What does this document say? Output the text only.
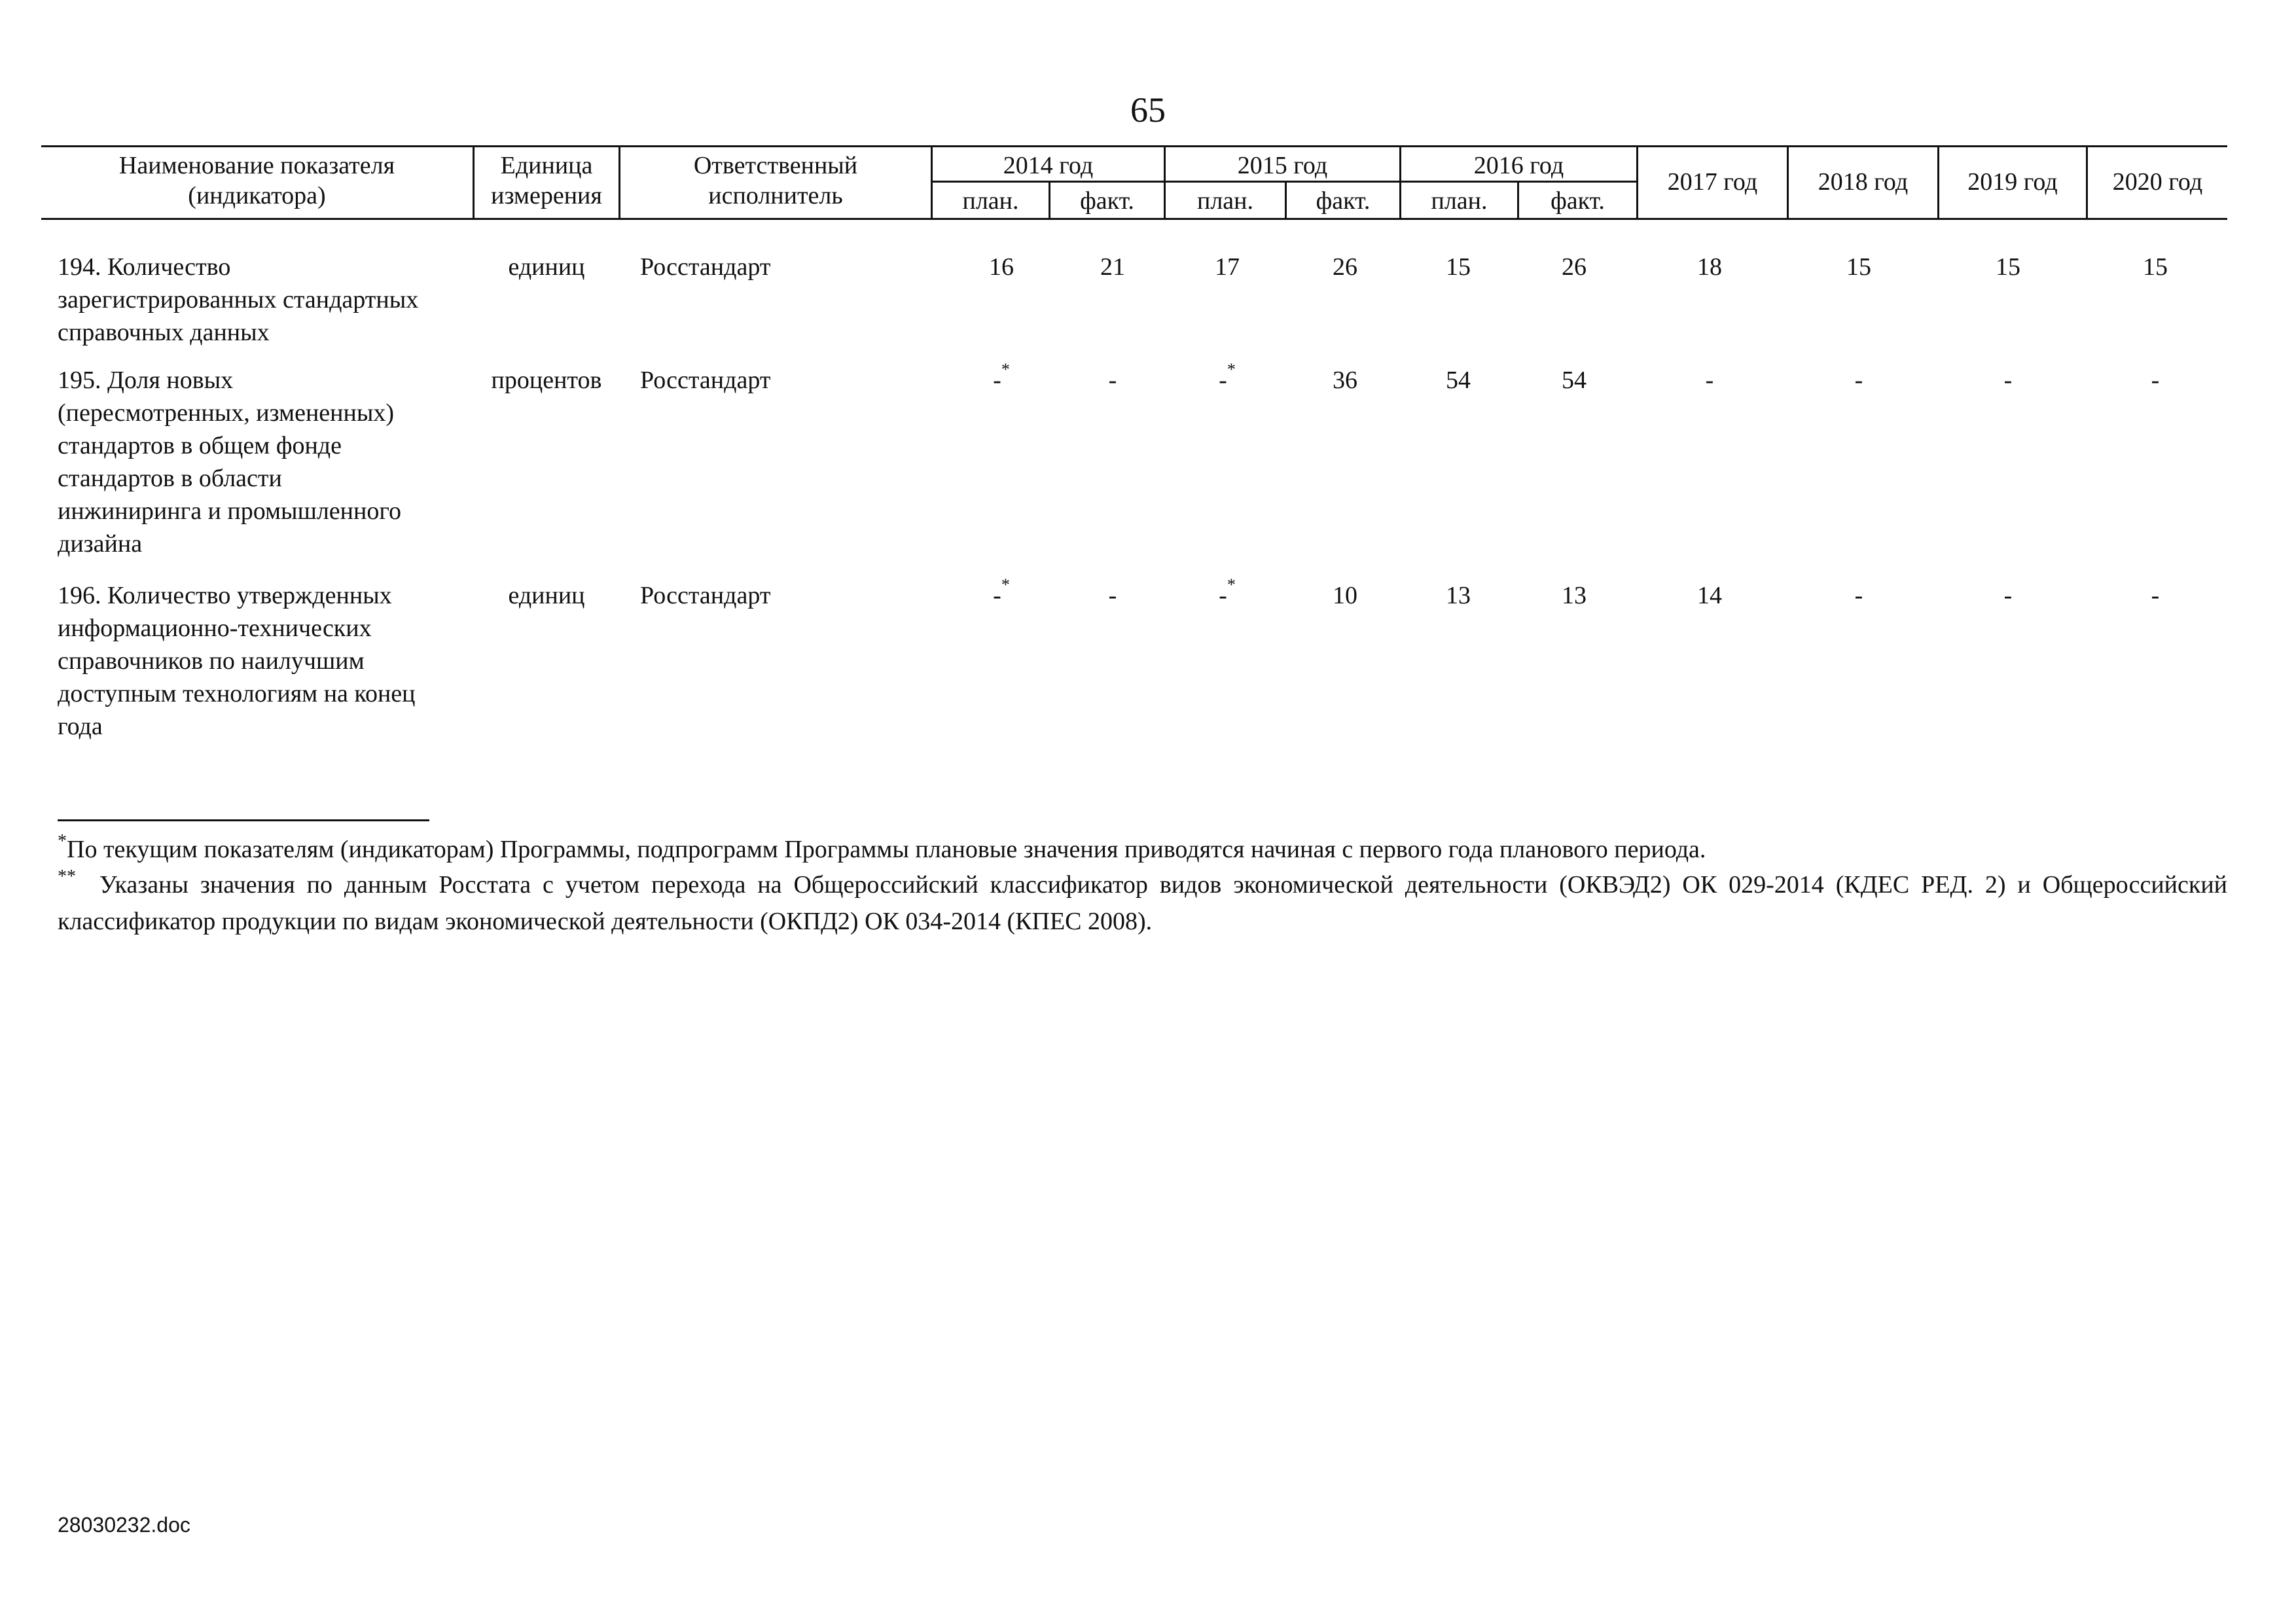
65
Наименование показателя
(индикатора)
Единица
измерения
Ответственный
исполнитель
2014 год	2015 год	2016 год
план.	факт.	план.	факт.	план.	факт.
2017 год	2018 год	2019 год	2020 год
194. Количество
зарегистрированных стандартных
справочных данных
единиц	Росстандарт	16	21	17	26	15	26	18	15	15	15
195. Доля новых
(пересмотренных, измененных)
стандартов в общем фонде
стандартов в области
инжиниринга и промышленного
дизайна
процентов	Росстандарт	-*	-	-*	36	54	54	-	-	-	-
196. Количество утвержденных
информационно-технических
справочников по наилучшим
доступным технологиям на конец
года
единиц	Росстандарт	-*	-	-*	10	13	13	14	-	-	-
*По текущим показателям (индикаторам) Программы, подпрограмм Программы плановые значения приводятся начиная с первого года планового периода.
** Указаны значения по данным Росстата с учетом перехода на Общероссийский классификатор видов экономической деятельности (ОКВЭД2) ОК 029-2014 (КДЕС РЕД. 2) и Общероссийский классификатор продукции по видам экономической деятельности (ОКПД2) ОК 034-2014 (КПЕС 2008).
28030232.doc
